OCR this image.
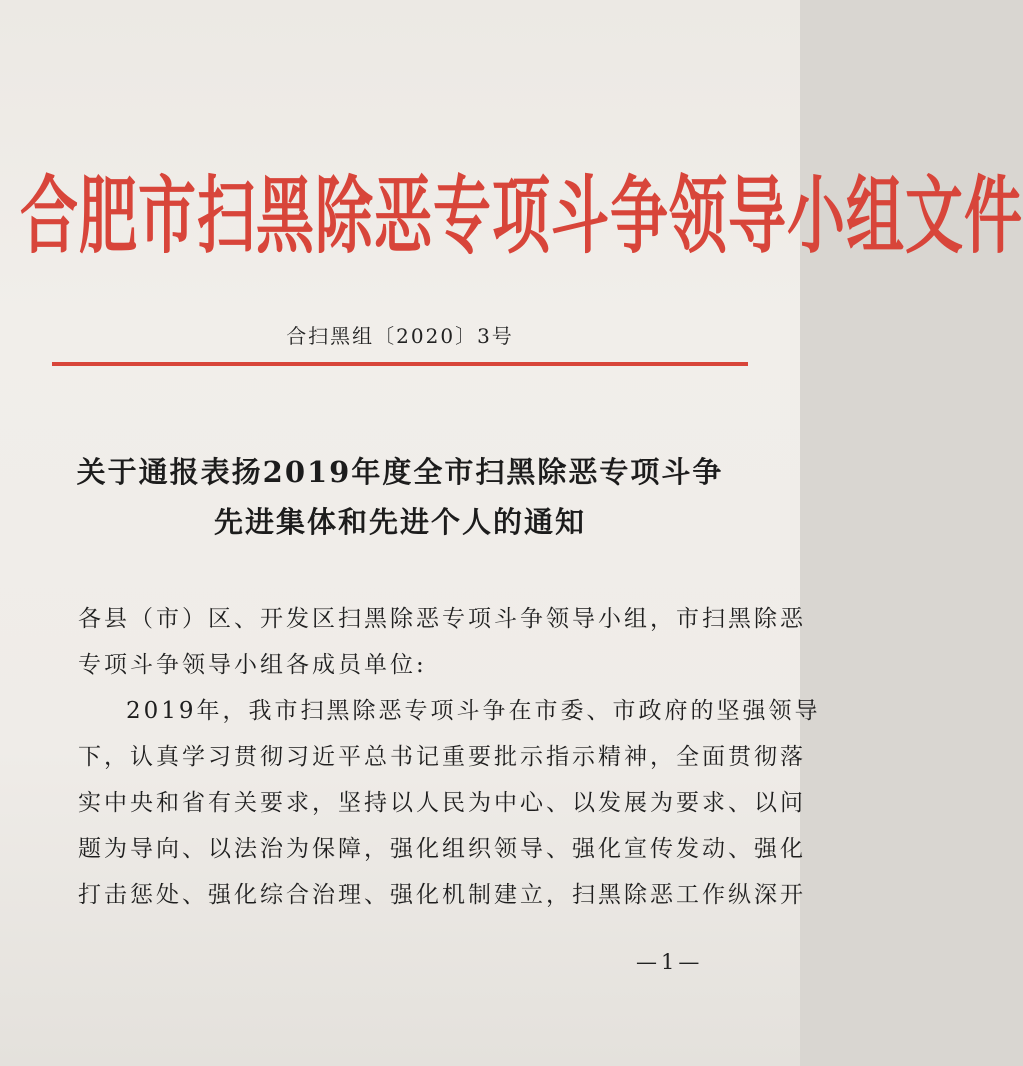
合肥市扫黑除恶专项斗争领导小组文件
合扫黑组〔2020〕3号
关于通报表扬2019年度全市扫黑除恶专项斗争
先进集体和先进个人的通知
各县（市）区、开发区扫黑除恶专项斗争领导小组，市扫黑除恶
专项斗争领导小组各成员单位:
2019年，我市扫黑除恶专项斗争在市委、市政府的坚强领导
下，认真学习贯彻习近平总书记重要批示指示精神，全面贯彻落
实中央和省有关要求，坚持以人民为中心、以发展为要求、以问
题为导向、以法治为保障，强化组织领导、强化宣传发动、强化
打击惩处、强化综合治理、强化机制建立，扫黑除恶工作纵深开
—1—
